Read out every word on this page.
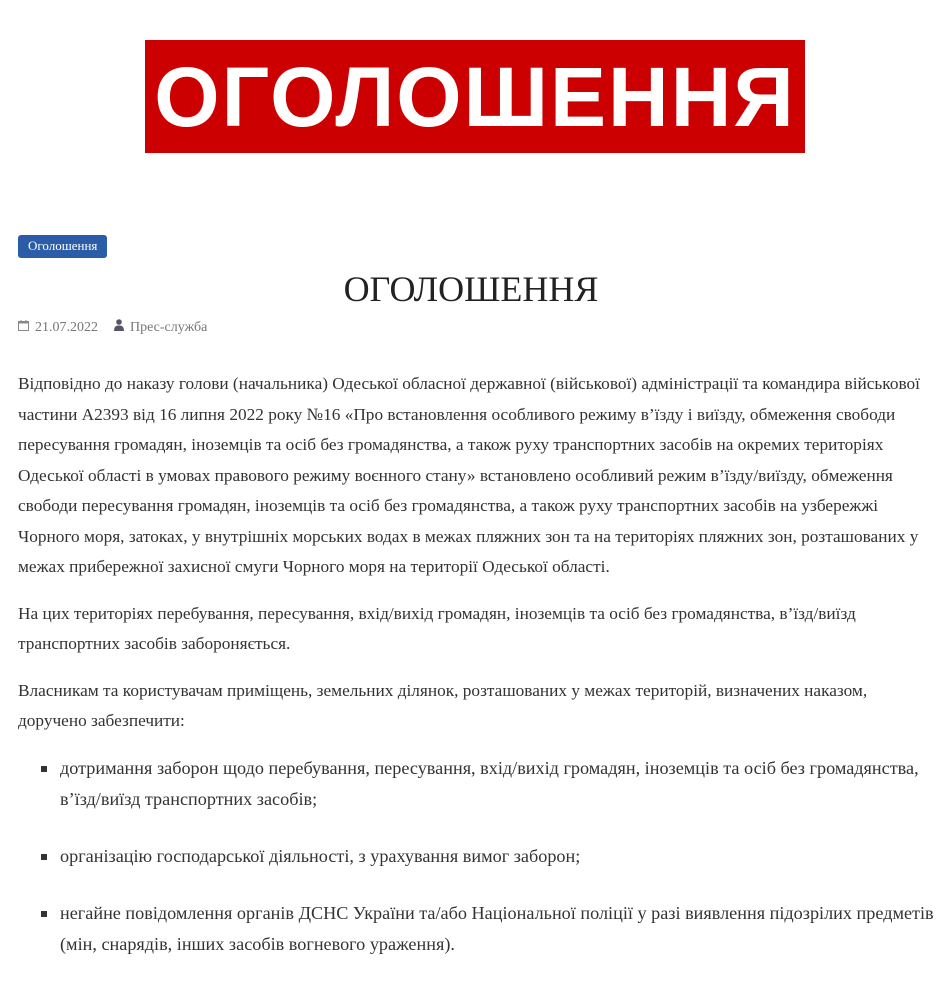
ОГОЛОШЕННЯ
Оголошення
ОГОЛОШЕННЯ
21.07.2022 Прес-служба

Відповідно до наказу голови (начальника) Одеської обласної державної (військової) адміністрації та командира військової частини А2393 від 16 липня 2022 року №16 «Про встановлення особливого режиму в’їзду і виїзду, обмеження свободи пересування громадян, іноземців та осіб без громадянства, а також руху транспортних засобів на окремих територіях Одеської області в умовах правового режиму воєнного стану» встановлено особливий режим в’їзду/виїзду, обмеження свободи пересування громадян, іноземців та осіб без громадянства, а також руху транспортних засобів на узбережжі Чорного моря, затоках, у внутрішніх морських водах в межах пляжних зон та на територіях пляжних зон, розташованих у межах прибережної захисної смуги Чорного моря на території Одеської області.

На цих територіях перебування, пересування, вхід/вихід громадян, іноземців та осіб без громадянства, в’їзд/виїзд транспортних засобів забороняється.

Власникам та користувачам приміщень, земельних ділянок, розташованих у межах територій, визначених наказом, доручено забезпечити:

дотримання заборон щодо перебування, пересування, вхід/вихід громадян, іноземців та осіб без громадянства, в’їзд/виїзд транспортних засобів;
організацію господарської діяльності, з урахування вимог заборон;
негайне повідомлення органів ДСНС України та/або Національної поліції у разі виявлення підозрілих предметів (мін, снарядів, інших засобів вогневого ураження).
